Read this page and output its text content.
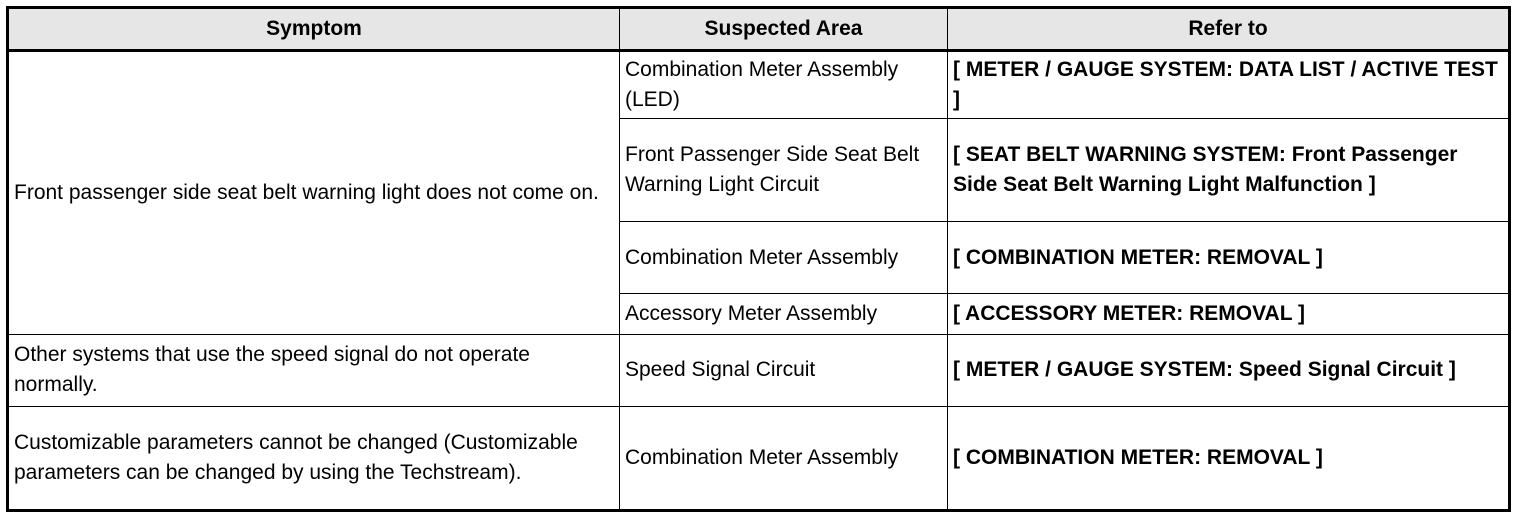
Symptom	Suspected Area	Refer to
Front passenger side seat belt warning light does not come on.	Combination Meter Assembly (LED)	[ METER / GAUGE SYSTEM: DATA LIST / ACTIVE TEST ]
	Front Passenger Side Seat Belt Warning Light Circuit	[ SEAT BELT WARNING SYSTEM: Front Passenger Side Seat Belt Warning Light Malfunction ]
	Combination Meter Assembly	[ COMBINATION METER: REMOVAL ]
	Accessory Meter Assembly	[ ACCESSORY METER: REMOVAL ]
Other systems that use the speed signal do not operate normally.	Speed Signal Circuit	[ METER / GAUGE SYSTEM: Speed Signal Circuit ]
Customizable parameters cannot be changed (Customizable parameters can be changed by using the Techstream).	Combination Meter Assembly	[ COMBINATION METER: REMOVAL ]
